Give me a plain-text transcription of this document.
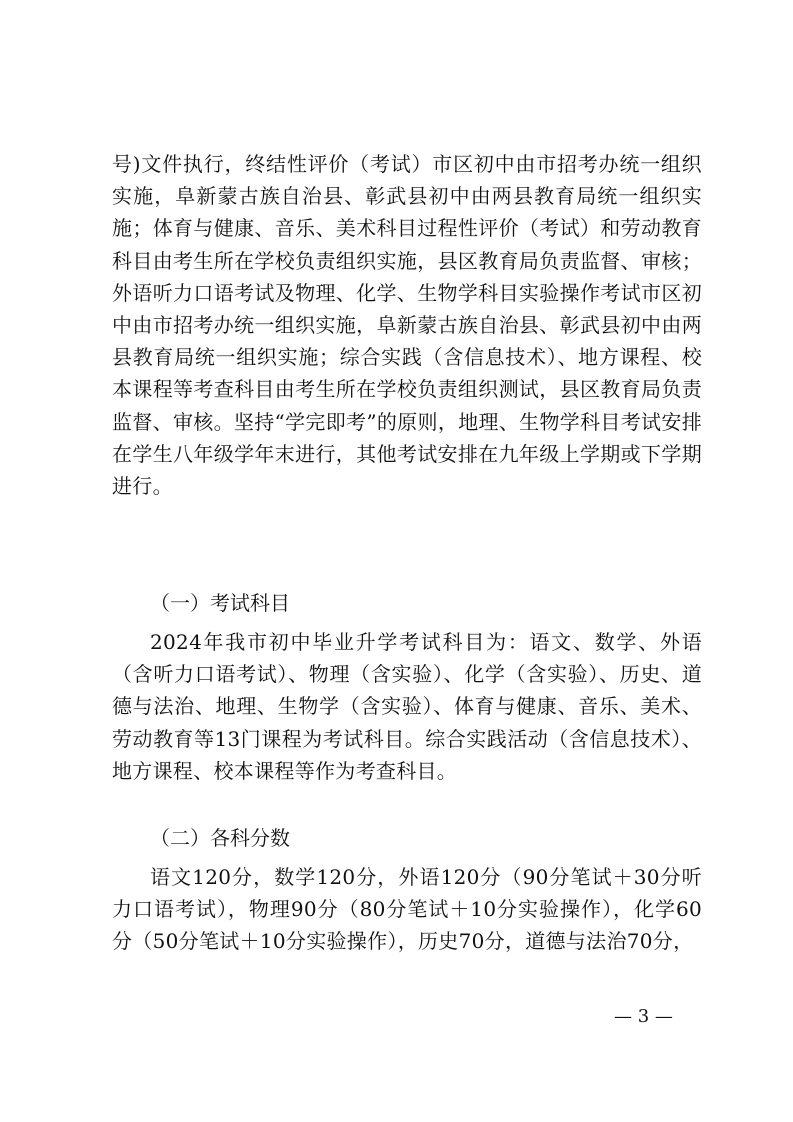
号)文件执行，终结性评价（考试）市区初中由市招考办统一组织实施，阜新蒙古族自治县、彰武县初中由两县教育局统一组织实施；体育与健康、音乐、美术科目过程性评价（考试）和劳动教育科目由考生所在学校负责组织实施，县区教育局负责监督、审核；外语听力口语考试及物理、化学、生物学科目实验操作考试市区初中由市招考办统一组织实施，阜新蒙古族自治县、彰武县初中由两县教育局统一组织实施；综合实践（含信息技术）、地方课程、校本课程等考查科目由考生所在学校负责组织测试，县区教育局负责监督、审核。坚持“学完即考”的原则，地理、生物学科目考试安排在学生八年级学年末进行，其他考试安排在九年级上学期或下学期进行。

（一）考试科目

2024年我市初中毕业升学考试科目为：语文、数学、外语（含听力口语考试）、物理（含实验）、化学（含实验）、历史、道德与法治、地理、生物学（含实验）、体育与健康、音乐、美术、劳动教育等13门课程为考试科目。综合实践活动（含信息技术）、地方课程、校本课程等作为考查科目。

（二）各科分数

语文120分，数学120分，外语120分（90分笔试＋30分听力口语考试），物理90分（80分笔试＋10分实验操作），化学60分（50分笔试＋10分实验操作），历史70分，道德与法治70分，

— 3 —
